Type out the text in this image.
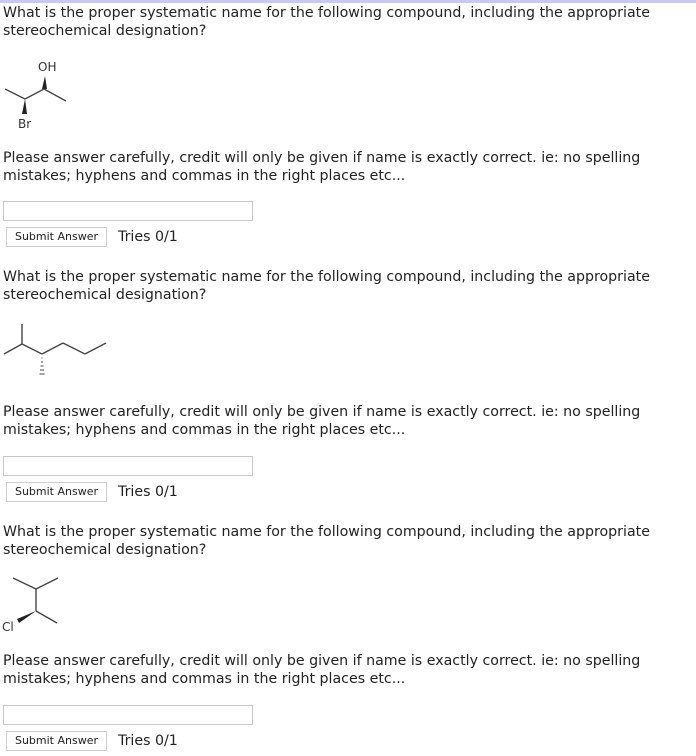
What is the proper systematic name for the following compound, including the appropriate stereochemical designation?
OH
Br
Please answer carefully, credit will only be given if name is exactly correct. ie: no spelling mistakes; hyphens and commas in the right places etc...
Submit Answer	Tries 0/1
What is the proper systematic name for the following compound, including the appropriate stereochemical designation?
Please answer carefully, credit will only be given if name is exactly correct. ie: no spelling mistakes; hyphens and commas in the right places etc...
Submit Answer	Tries 0/1
What is the proper systematic name for the following compound, including the appropriate stereochemical designation?
Cl
Please answer carefully, credit will only be given if name is exactly correct. ie: no spelling mistakes; hyphens and commas in the right places etc...
Submit Answer	Tries 0/1
